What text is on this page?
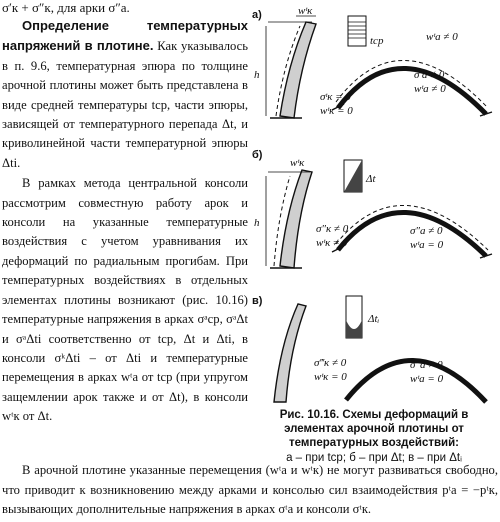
σ′к + σ″к, для арки σ″а.

Определение температурных напряжений в плотине. Как указывалось в п. 9.6, температурная эпюра по толщине арочной плотины может быть представлена в виде средней температуры tср, части эпюры, зависящей от температурного перепада Δt, и криволинейной части температурной эпюры Δti.

В рамках метода центральной консоли рассмотрим совместную работу арок и консоли на указанные температурные воздействия с учетом уравнивания их деформаций по радиальным прогибам. При температурных воздействиях в отдельных элементах плотины возникают (рис. 10.16) температурные напряжения в арках σᵃср, σᵃΔt и σᵃΔti соответственно от tср, Δt и Δti, в консоли σᵏΔti – от Δti и температурные перемещения в арках wᵗа от tср (при упругом защемлении арок также и от Δt), в консоли wᵗк от Δt.

а)	wᵗк
h
tср	wᵗа ≠ 0
σ′а ≠ 0
wᵗа ≠ 0
σᵗк = 0
wᵗк = 0
б)
wᵗк
h
Δt
σ″к ≠ 0
wᵗк ≠ 0
σ″а ≠ 0
wᵗа = 0
в)
Δtᵢ
σ‴к ≠ 0
wᵗк = 0
σ‴а ≠ 0
wᵗа = 0
Рис. 10.16. Схемы деформаций в элементах арочной плотины от температурных воздействий:
а – при tср; б – при Δt; в – при Δtᵢ

В арочной плотине указанные перемещения (wᵗа и wᵗк) не могут развиваться свободно, что приводит к возникновению между арками и консолью сил взаимодействия pᵗа = −pᵗк, вызывающих дополнительные напряжения в арках σᵗа и консоли σᵗк.
